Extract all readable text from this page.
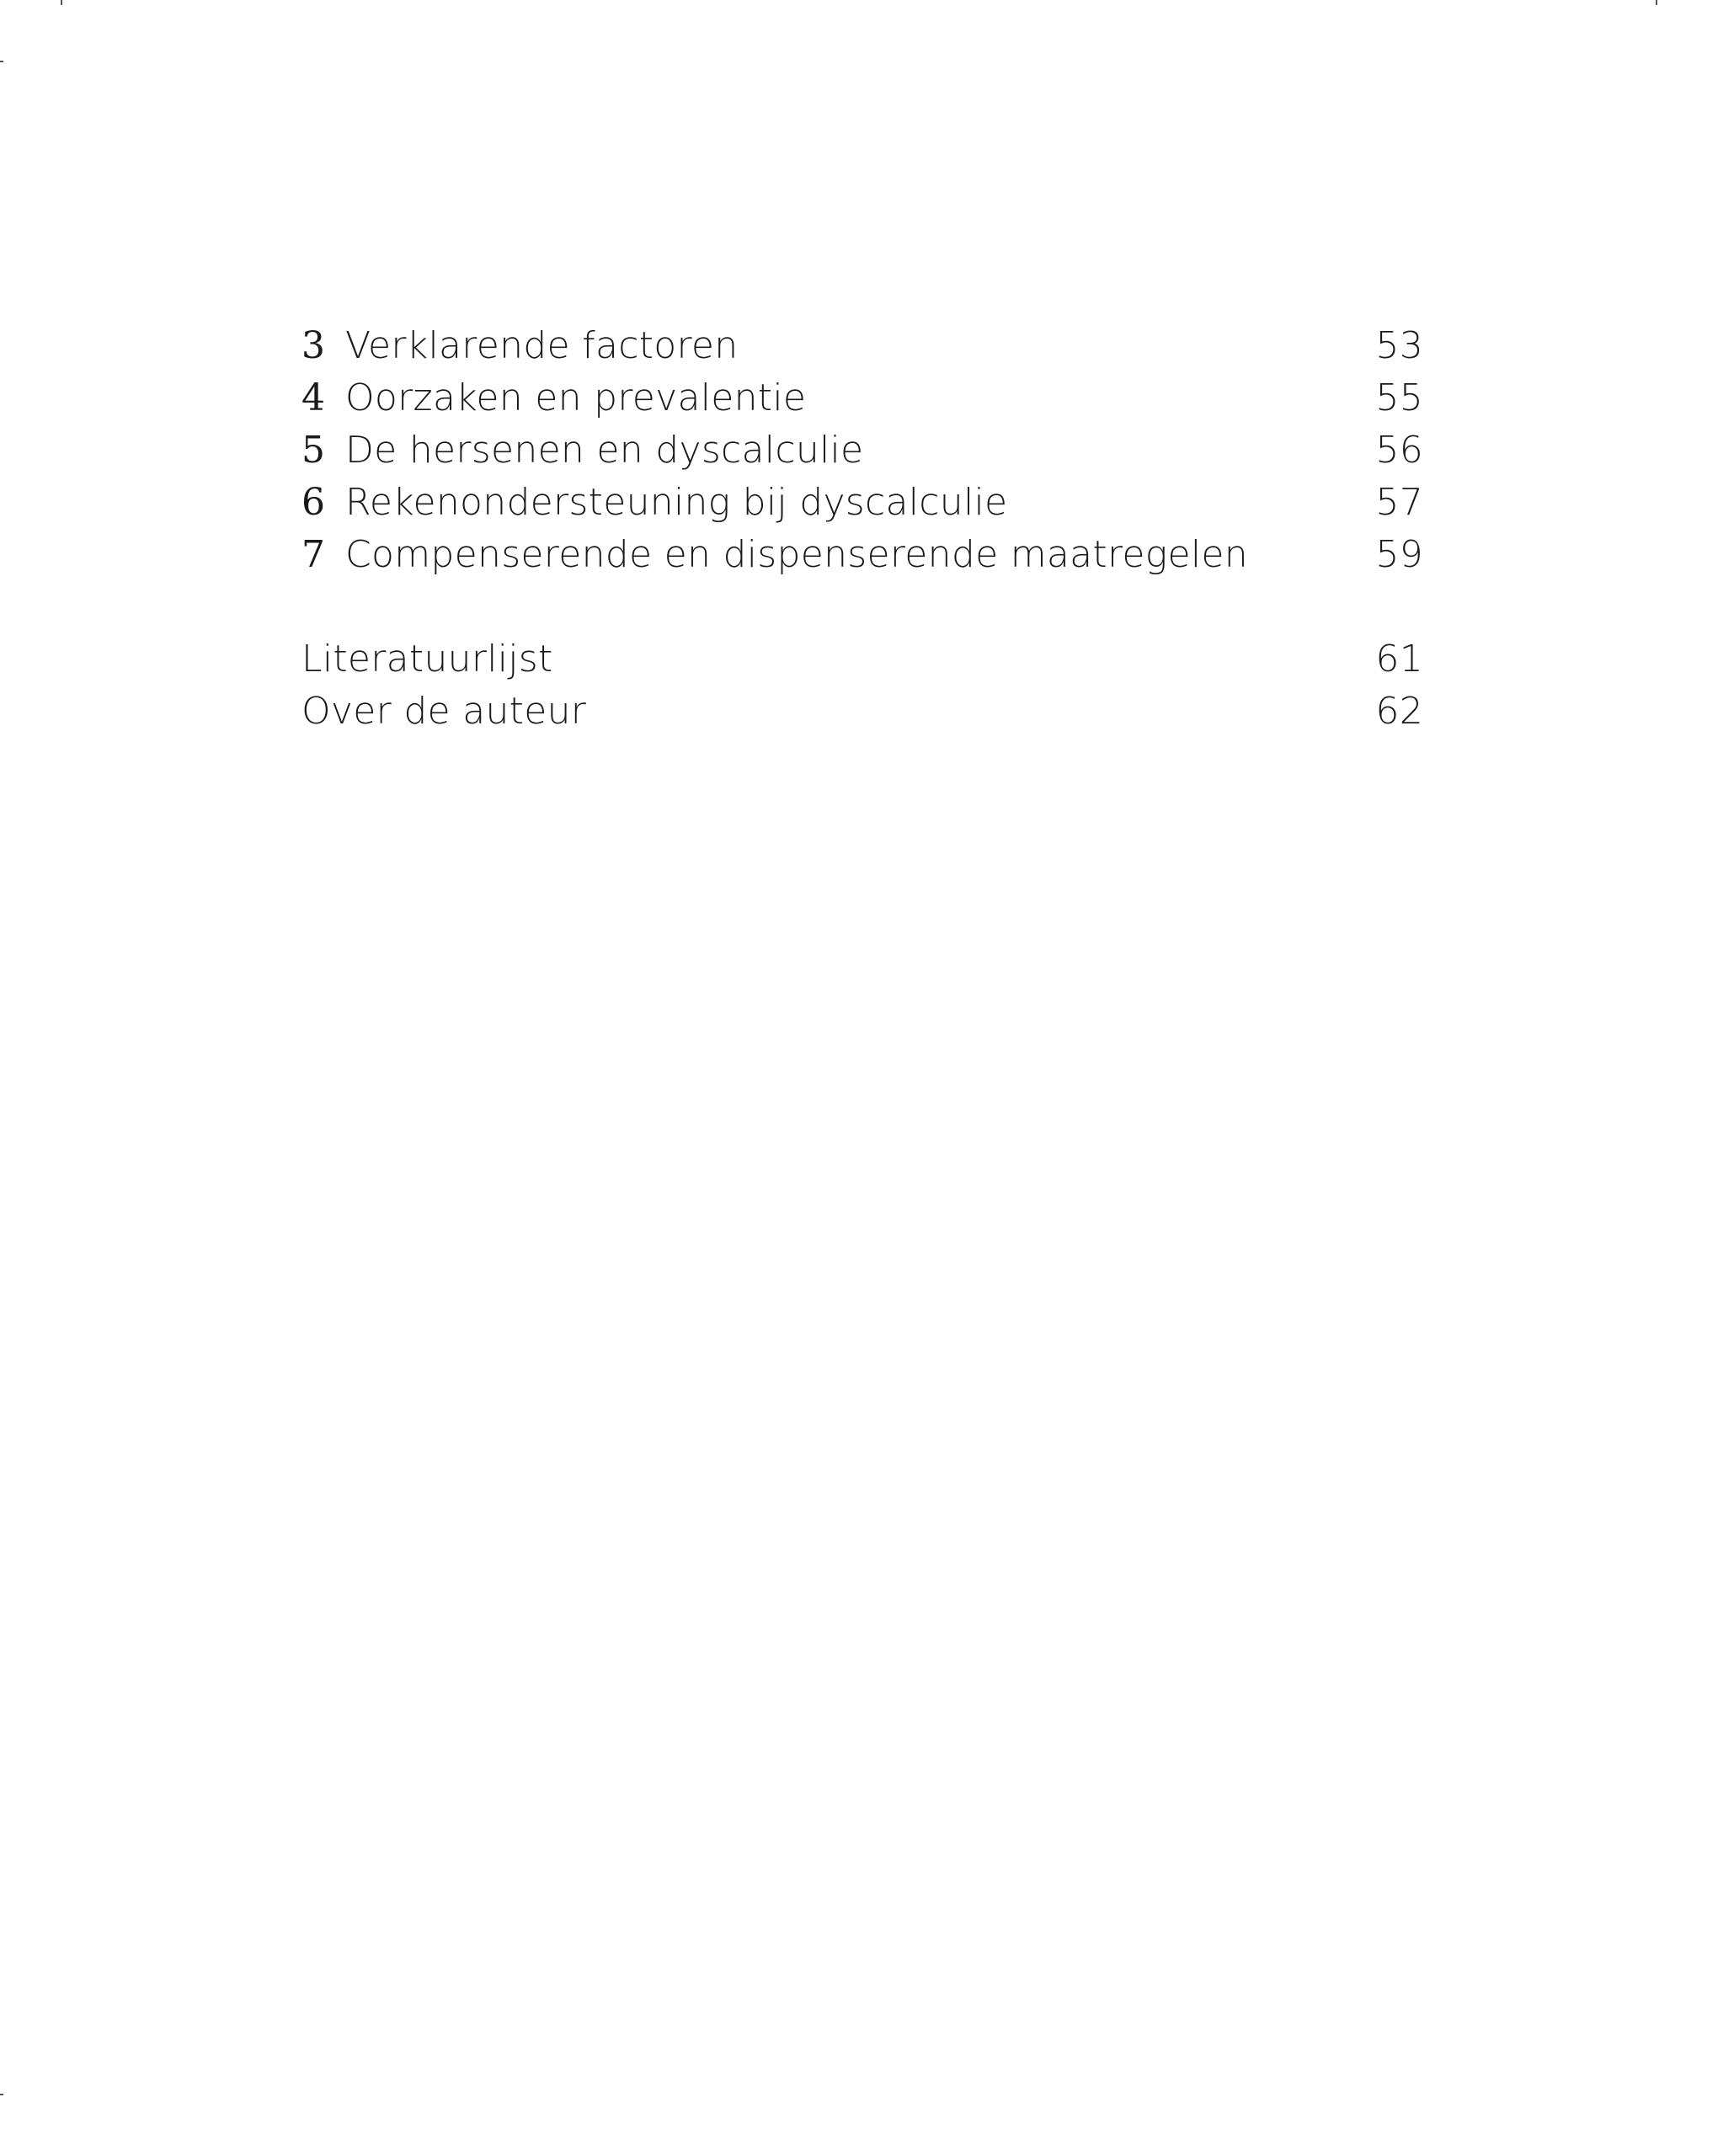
3 Verklarende factoren	53
4 Oorzaken en prevalentie	55
5 De hersenen en dyscalculie	56
6 Rekenondersteuning bij dyscalculie	57
7 Compenserende en dispenserende maatregelen	59
Literatuurlijst	61
Over de auteur	62
